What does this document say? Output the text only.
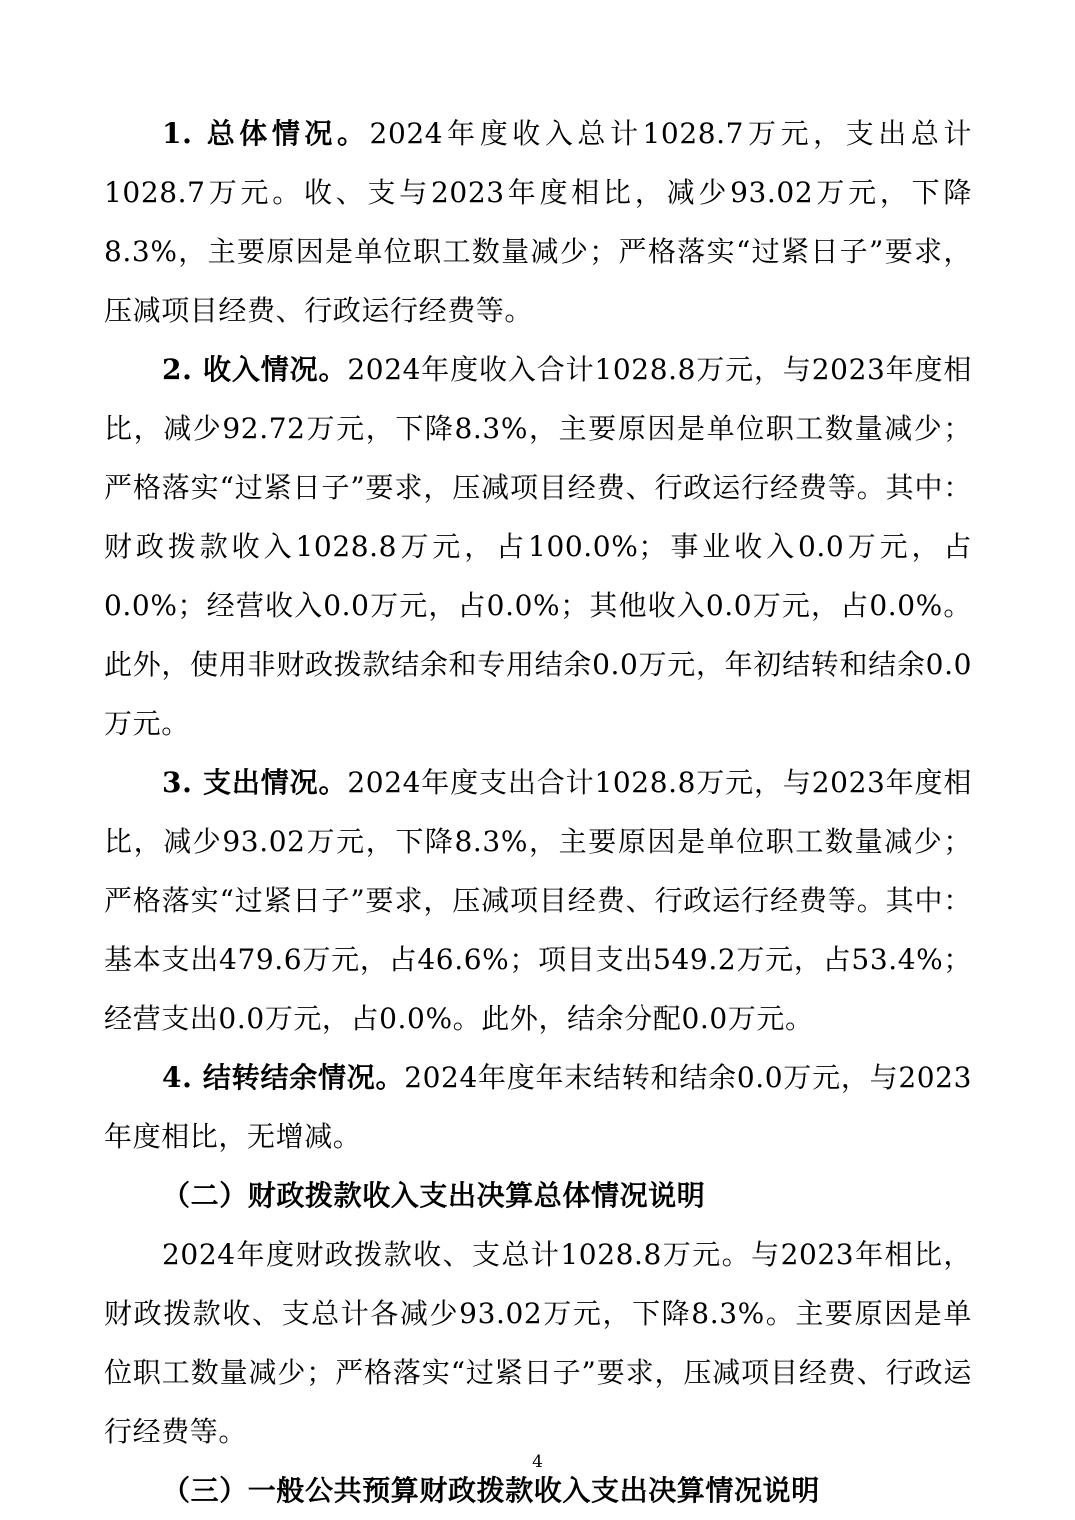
1. 总体情况。2024年度收入总计1028.7万元，支出总计1028.7万元。收、支与2023年度相比，减少93.02万元，下降8.3%，主要原因是单位职工数量减少；严格落实“过紧日子”要求，压减项目经费、行政运行经费等。

2. 收入情况。2024年度收入合计1028.8万元，与2023年度相比，减少92.72万元，下降8.3%，主要原因是单位职工数量减少；严格落实“过紧日子”要求，压减项目经费、行政运行经费等。其中：财政拨款收入1028.8万元，占100.0%；事业收入0.0万元，占0.0%；经营收入0.0万元，占0.0%；其他收入0.0万元，占0.0%。此外，使用非财政拨款结余和专用结余0.0万元，年初结转和结余0.0万元。

3. 支出情况。2024年度支出合计1028.8万元，与2023年度相比，减少93.02万元，下降8.3%，主要原因是单位职工数量减少；严格落实“过紧日子”要求，压减项目经费、行政运行经费等。其中：基本支出479.6万元，占46.6%；项目支出549.2万元，占53.4%；经营支出0.0万元，占0.0%。此外，结余分配0.0万元。

4. 结转结余情况。2024年度年末结转和结余0.0万元，与2023年度相比，无增减。

（二）财政拨款收入支出决算总体情况说明

2024年度财政拨款收、支总计1028.8万元。与2023年相比，财政拨款收、支总计各减少93.02万元，下降8.3%。主要原因是单位职工数量减少；严格落实“过紧日子”要求，压减项目经费、行政运行经费等。

（三）一般公共预算财政拨款收入支出决算情况说明

4
